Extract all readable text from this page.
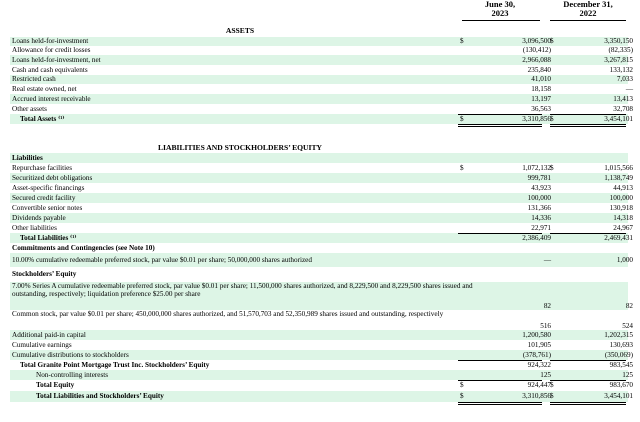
June 30,
2023
December 31,
2022
ASSETS
LIABILITIES AND STOCKHOLDERS’ EQUITY
Loans held-for-investment	$	3,096,500 $	3,350,150
Allowance for credit losses	(130,412)	(82,335)
Loans held-for-investment, net	2,966,088	3,267,815
Cash and cash equivalents	235,840	133,132
Restricted cash	41,010	7,033
Real estate owned, net	18,158	—
Accrued interest receivable	13,197	13,413
Other assets	36,563	32,708
Total Assets ⁽¹⁾	$	3,310,856 $	3,454,101
Liabilities
Repurchase facilities	$	1,072,132 $	1,015,566
Securitized debt obligations	999,781	1,138,749
Asset-specific financings	43,923	44,913
Secured credit facility	100,000	100,000
Convertible senior notes	131,366	130,918
Dividends payable	14,336	14,318
Other liabilities	22,971	24,967
Total Liabilities ⁽¹⁾	2,386,409	2,469,431
Commitments and Contingencies (see Note 10)
10.00% cumulative redeemable preferred stock, par value $0.01 per share; 50,000,000 shares authorized	—	1,000
Stockholders’ Equity
7.00% Series A cumulative redeemable preferred stock, par value $0.01 per share; 11,500,000 shares authorized, and 8,229,500 and 8,229,500 shares issued and outstanding, respectively; liquidation preference $25.00 per share
82	82
Common stock, par value $0.01 per share; 450,000,000 shares authorized, and 51,570,703 and 52,350,989 shares issued and outstanding, respectively
516	524
Additional paid-in capital	1,200,580	1,202,315
Cumulative earnings	101,905	130,693
Cumulative distributions to stockholders	(378,761)	(350,069)
Total Granite Point Mortgage Trust Inc. Stockholders’ Equity	924,322	983,545
Non-controlling interests	125	125
Total Equity	$	924,447 $	983,670
Total Liabilities and Stockholders’ Equity	$	3,310,856 $	3,454,101
